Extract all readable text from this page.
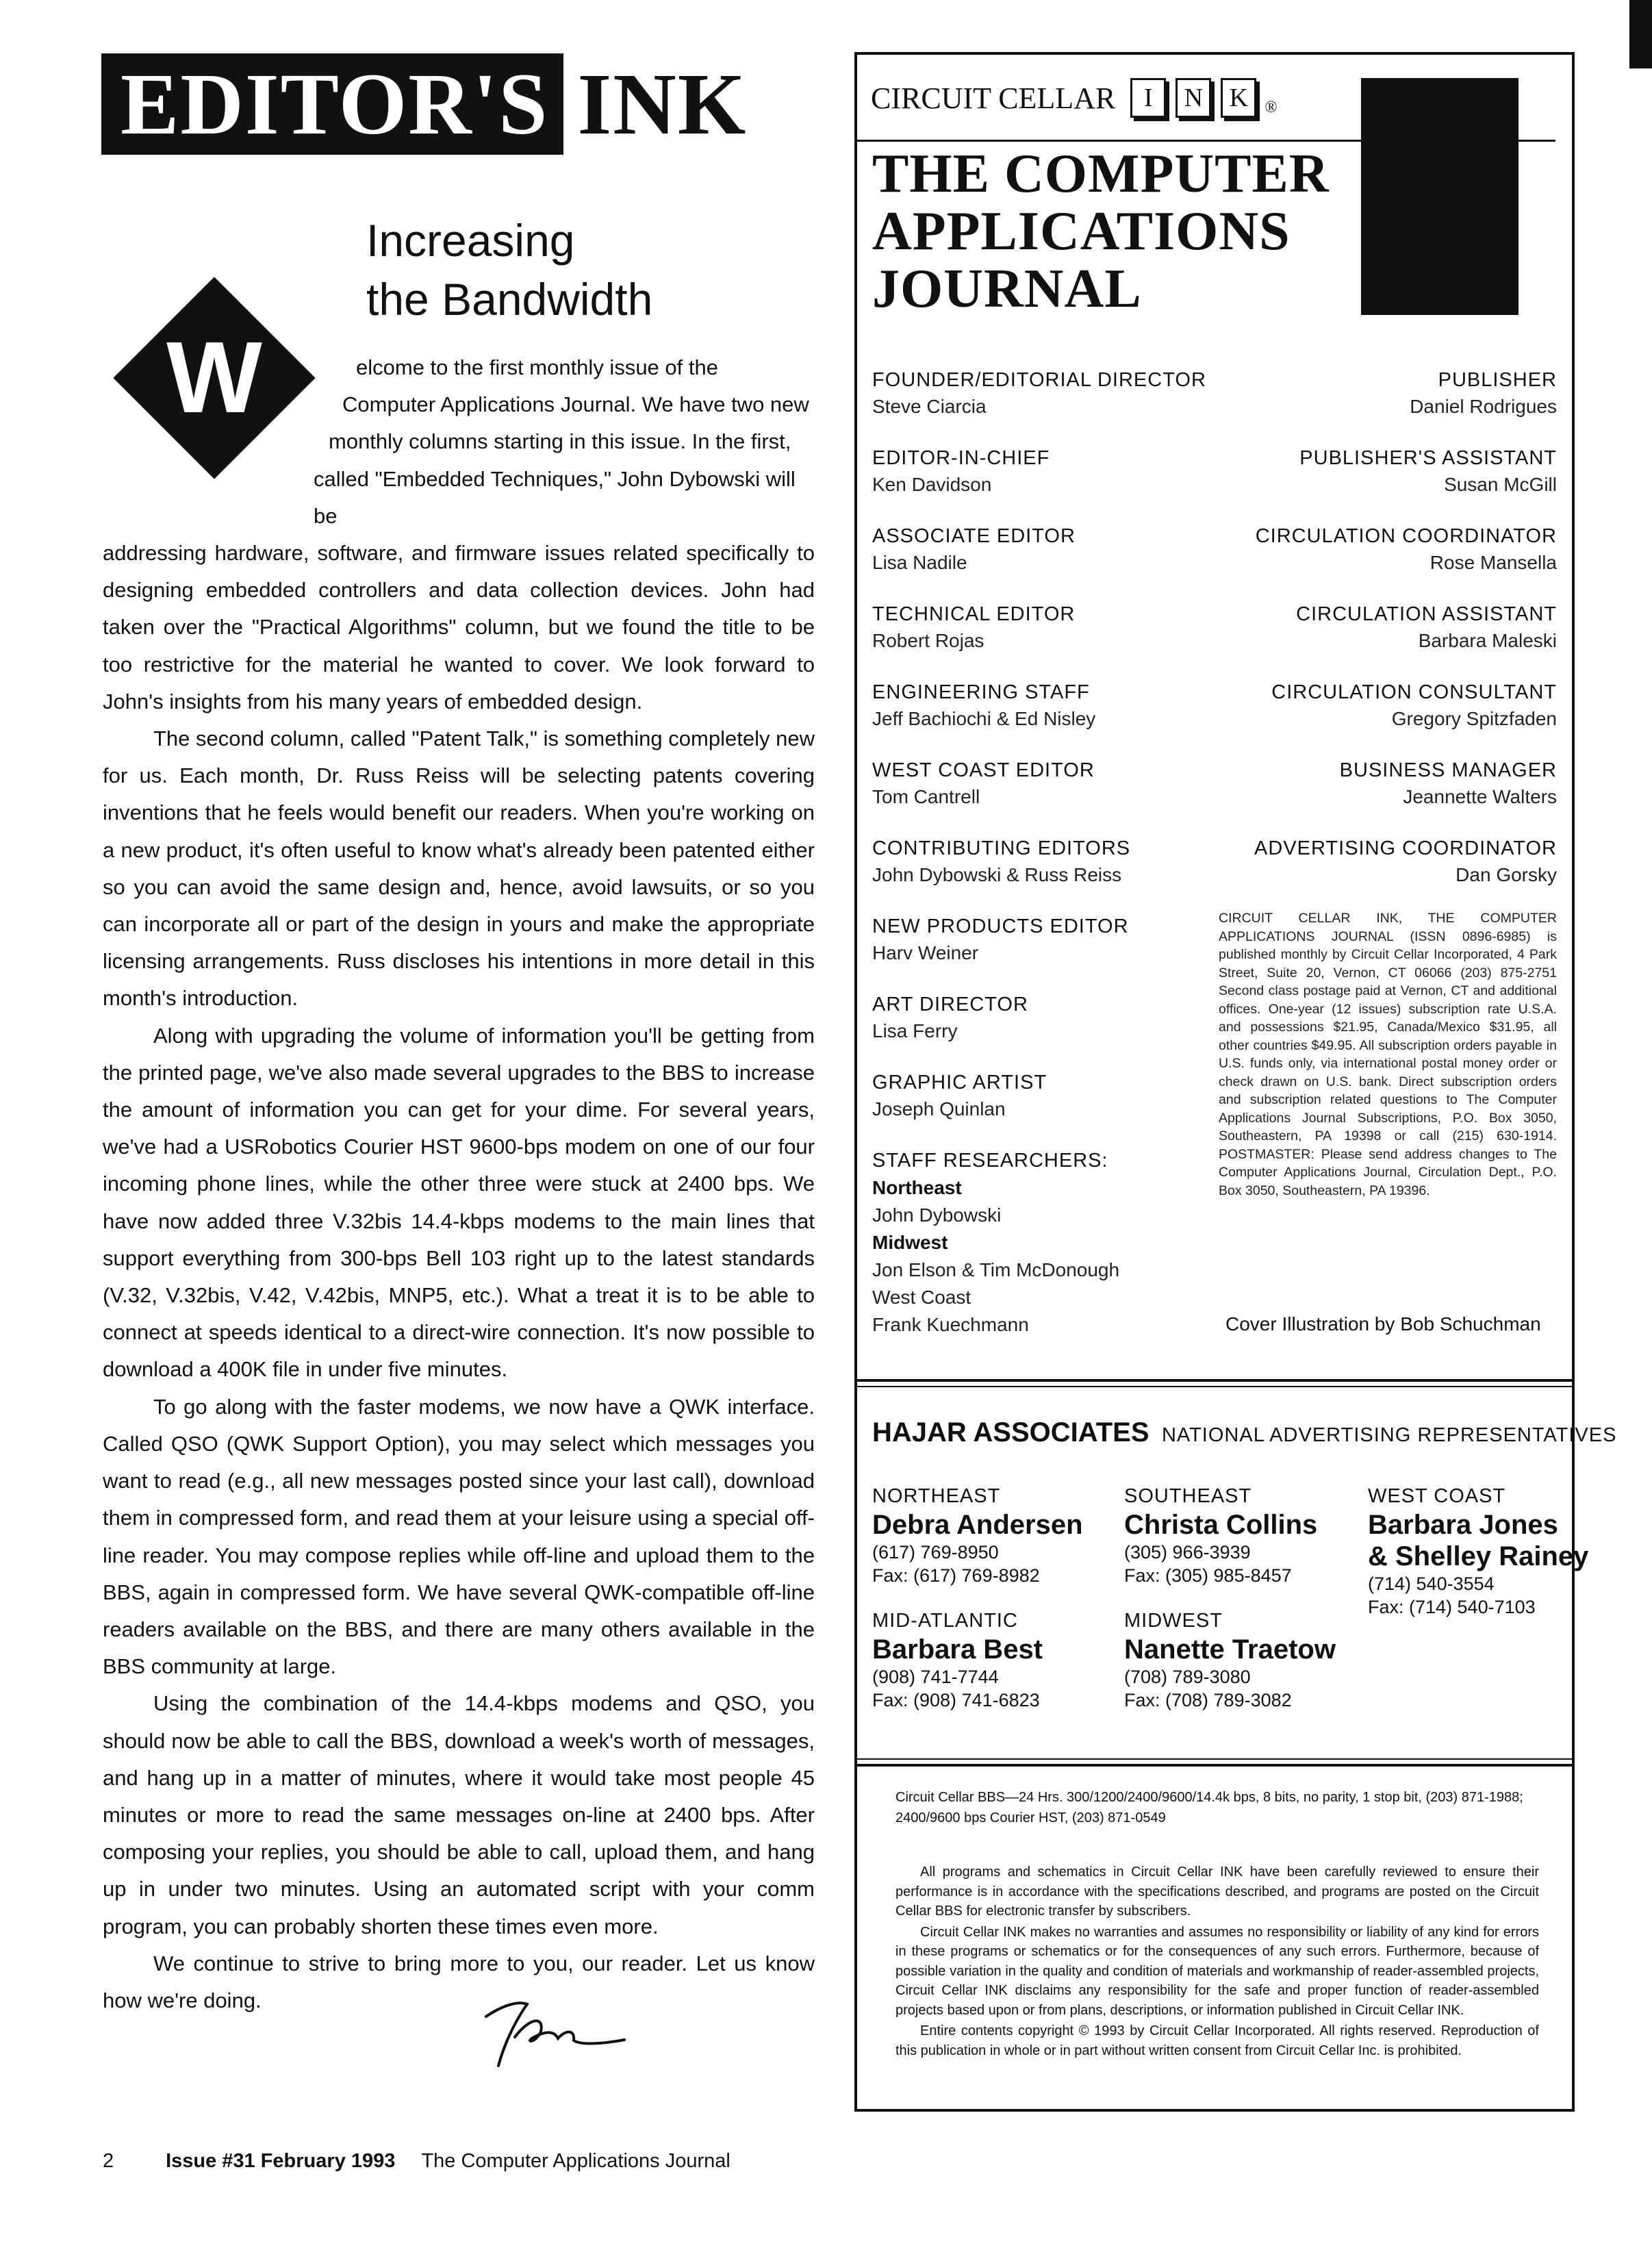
EDITOR'S INK
Increasing
the Bandwidth
W	elcome to the first monthly issue of the
Computer Applications Journal. We have two new
monthly columns starting in this issue. In the first,
called "Embedded Techniques," John Dybowski will be

addressing hardware, software, and firmware issues related specifically to designing embedded controllers and data collection devices. John had taken over the "Practical Algorithms" column, but we found the title to be too restrictive for the material he wanted to cover. We look forward to John's insights from his many years of embedded design.

The second column, called "Patent Talk," is something completely new for us. Each month, Dr. Russ Reiss will be selecting patents covering inventions that he feels would benefit our readers. When you're working on a new product, it's often useful to know what's already been patented either so you can avoid the same design and, hence, avoid lawsuits, or so you can incorporate all or part of the design in yours and make the appropriate licensing arrangements. Russ discloses his intentions in more detail in this month's introduction.

Along with upgrading the volume of information you'll be getting from the printed page, we've also made several upgrades to the BBS to increase the amount of information you can get for your dime. For several years, we've had a USRobotics Courier HST 9600-bps modem on one of our four incoming phone lines, while the other three were stuck at 2400 bps. We have now added three V.32bis 14.4-kbps modems to the main lines that support everything from 300-bps Bell 103 right up to the latest standards (V.32, V.32bis, V.42, V.42bis, MNP5, etc.). What a treat it is to be able to connect at speeds identical to a direct-wire connection. It's now possible to download a 400K file in under five minutes.

To go along with the faster modems, we now have a QWK interface. Called QSO (QWK Support Option), you may select which messages you want to read (e.g., all new messages posted since your last call), download them in compressed form, and read them at your leisure using a special off-line reader. You may compose replies while off-line and upload them to the BBS, again in compressed form. We have several QWK-compatible off-line readers available on the BBS, and there are many others available in the BBS community at large.

Using the combination of the 14.4-kbps modems and QSO, you should now be able to call the BBS, download a week's worth of messages, and hang up in a matter of minutes, where it would take most people 45 minutes or more to read the same messages on-line at 2400 bps. After composing your replies, you should be able to call, upload them, and hang up in under two minutes. Using an automated script with your comm program, you can probably shorten these times even more.

We continue to strive to bring more to you, our reader. Let us know how we're doing.

2	Issue #31 February 1993 The Computer Applications Journal
CIRCUIT CELLAR	I	N	K	®
THE COMPUTER
APPLICATIONS
JOURNAL
FOUNDER/EDITORIAL DIRECTOR
Steve Ciarcia
EDITOR-IN-CHIEF
Ken Davidson
ASSOCIATE EDITOR
Lisa Nadile
TECHNICAL EDITOR
Robert Rojas
ENGINEERING STAFF
Jeff Bachiochi & Ed Nisley
WEST COAST EDITOR
Tom Cantrell
CONTRIBUTING EDITORS
John Dybowski & Russ Reiss
NEW PRODUCTS EDITOR
Harv Weiner
ART DIRECTOR
Lisa Ferry
GRAPHIC ARTIST
Joseph Quinlan
STAFF RESEARCHERS:
Northeast
John Dybowski
Midwest
Jon Elson & Tim McDonough
West Coast
Frank Kuechmann
PUBLISHER
Daniel Rodrigues
PUBLISHER'S ASSISTANT
Susan McGill
CIRCULATION COORDINATOR
Rose Mansella
CIRCULATION ASSISTANT
Barbara Maleski
CIRCULATION CONSULTANT
Gregory Spitzfaden
BUSINESS MANAGER
Jeannette Walters
ADVERTISING COORDINATOR
Dan Gorsky
CIRCUIT CELLAR INK, THE COMPUTER APPLICATIONS JOURNAL (ISSN 0896-6985) is published monthly by Circuit Cellar Incorporated, 4 Park Street, Suite 20, Vernon, CT 06066 (203) 875-2751 Second class postage paid at Vernon, CT and additional offices. One-year (12 issues) subscription rate U.S.A. and possessions $21.95, Canada/Mexico $31.95, all other countries $49.95. All subscription orders payable in U.S. funds only, via international postal money order or check drawn on U.S. bank. Direct subscription orders and subscription related questions to The Computer Applications Journal Subscriptions, P.O. Box 3050, Southeastern, PA 19398 or call (215) 630-1914. POSTMASTER: Please send address changes to The Computer Applications Journal, Circulation Dept., P.O. Box 3050, Southeastern, PA 19396.
Cover Illustration by Bob Schuchman
HAJAR ASSOCIATES NATIONAL ADVERTISING REPRESENTATIVES
NORTHEAST
Debra Andersen
(617) 769-8950
Fax: (617) 769-8982
SOUTHEAST
Christa Collins
(305) 966-3939
Fax: (305) 985-8457
WEST COAST
Barbara Jones
& Shelley Rainey
(714) 540-3554
Fax: (714) 540-7103
MID-ATLANTIC
Barbara Best
(908) 741-7744
Fax: (908) 741-6823
MIDWEST
Nanette Traetow
(708) 789-3080
Fax: (708) 789-3082
Circuit Cellar BBS—24 Hrs. 300/1200/2400/9600/14.4k bps, 8 bits, no parity, 1 stop bit, (203) 871-1988; 2400/9600 bps Courier HST, (203) 871-0549

All programs and schematics in Circuit Cellar INK have been carefully reviewed to ensure their performance is in accordance with the specifications described, and programs are posted on the Circuit Cellar BBS for electronic transfer by subscribers.

Circuit Cellar INK makes no warranties and assumes no responsibility or liability of any kind for errors in these programs or schematics or for the consequences of any such errors. Furthermore, because of possible variation in the quality and condition of materials and workmanship of reader-assembled projects, Circuit Cellar INK disclaims any responsibility for the safe and proper function of reader-assembled projects based upon or from plans, descriptions, or information published in Circuit Cellar INK.

Entire contents copyright © 1993 by Circuit Cellar Incorporated. All rights reserved. Reproduction of this publication in whole or in part without written consent from Circuit Cellar Inc. is prohibited.
